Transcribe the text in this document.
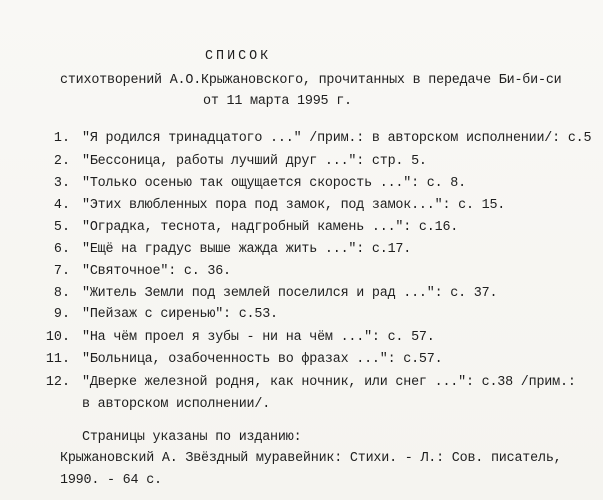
СПИСОК
стихотворений А.О.Крыжановского, прочитанных в передаче Би-би-си
от 11 марта 1995 г.
1. "Я родился тринадцатого ..." /прим.: в авторском исполнении/: с.5
2. "Бессоница, работы лучший друг ...": стр. 5.
3. "Только осенью так ощущается скорость ...": с. 8.
4. "Этих влюбленных пора под замок, под замок...": с. 15.
5. "Оградка, теснота, надгробный камень ...": с.16.
6. "Ещё на градус выше жажда жить ...": с.17.
7. "Святочное": с. 36.
8. "Житель Земли под землей поселился и рад ...": с. 37.
9. "Пейзаж с сиренью": с.53.
10. "На чём проел я зубы - ни на чём ...": с. 57.
11. "Больница, озабоченность во фразах ...": с.57.
12. "Дверке железной родня, как ночник, или снег ...": с.38 /прим.:
в авторском исполнении/.
Страницы указаны по изданию:
Крыжановский А. Звёздный муравейник: Стихи. - Л.: Сов. писатель,
1990. - 64 с.
